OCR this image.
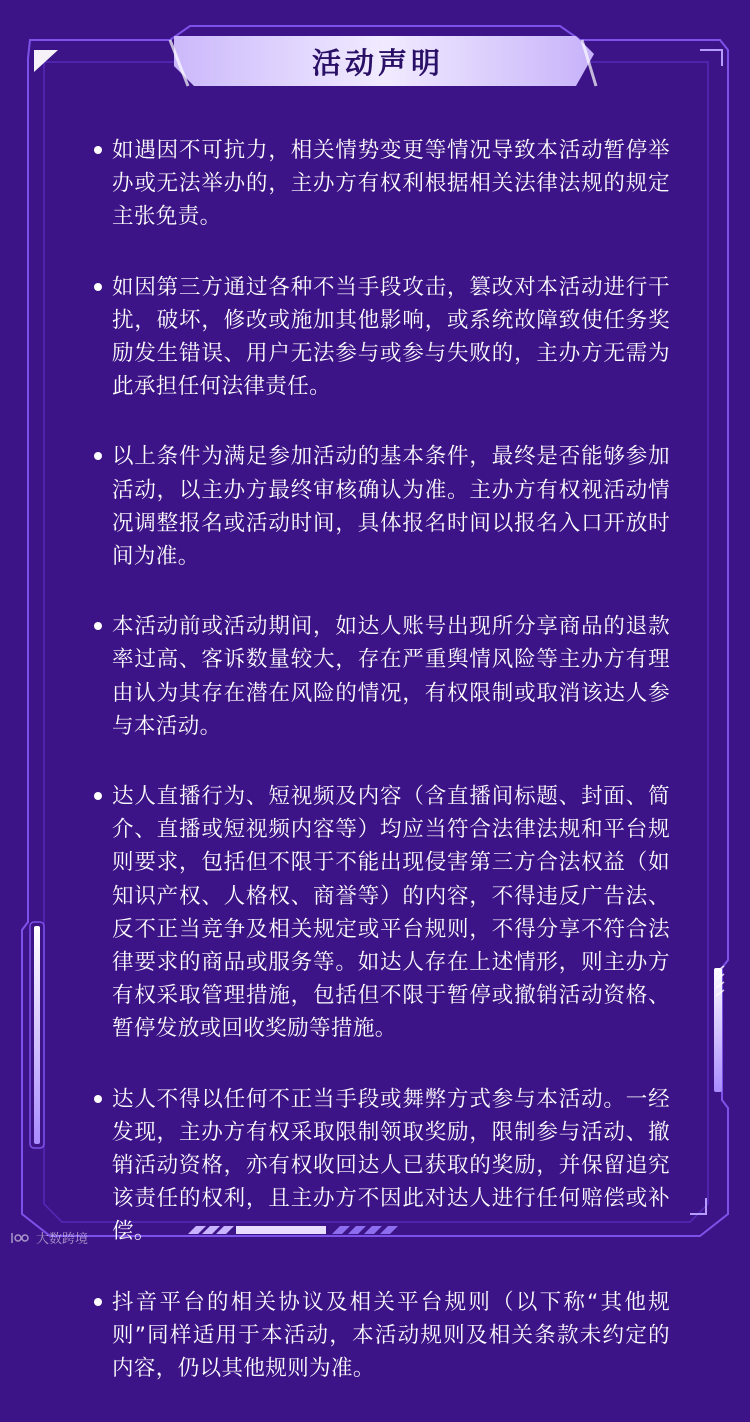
活动声明
如遇因不可抗力，相关情势变更等情况导致本活动暂停举办或无法举办的，主办方有权利根据相关法律法规的规定主张免责。
如因第三方通过各种不当手段攻击，篡改对本活动进行干扰，破坏，修改或施加其他影响，或系统故障致使任务奖励发生错误、用户无法参与或参与失败的，主办方无需为此承担任何法律责任。
以上条件为满足参加活动的基本条件，最终是否能够参加活动，以主办方最终审核确认为准。主办方有权视活动情况调整报名或活动时间，具体报名时间以报名入口开放时间为准。
本活动前或活动期间，如达人账号出现所分享商品的退款率过高、客诉数量较大，存在严重舆情风险等主办方有理由认为其存在潜在风险的情况，有权限制或取消该达人参与本活动。
达人直播行为、短视频及内容（含直播间标题、封面、简介、直播或短视频内容等）均应当符合法律法规和平台规则要求，包括但不限于不能出现侵害第三方合法权益（如知识产权、人格权、商誉等）的内容，不得违反广告法、反不正当竞争及相关规定或平台规则，不得分享不符合法律要求的商品或服务等。如达人存在上述情形，则主办方有权采取管理措施，包括但不限于暂停或撤销活动资格、暂停发放或回收奖励等措施。
达人不得以任何不正当手段或舞弊方式参与本活动。一经发现，主办方有权采取限制领取奖励，限制参与活动、撤销活动资格，亦有权收回达人已获取的奖励，并保留追究该责任的权利，且主办方不因此对达人进行任何赔偿或补偿。
抖音平台的相关协议及相关平台规则（以下称“其他规则”同样适用于本活动，本活动规则及相关条款未约定的内容，仍以其他规则为准。
大数跨境
